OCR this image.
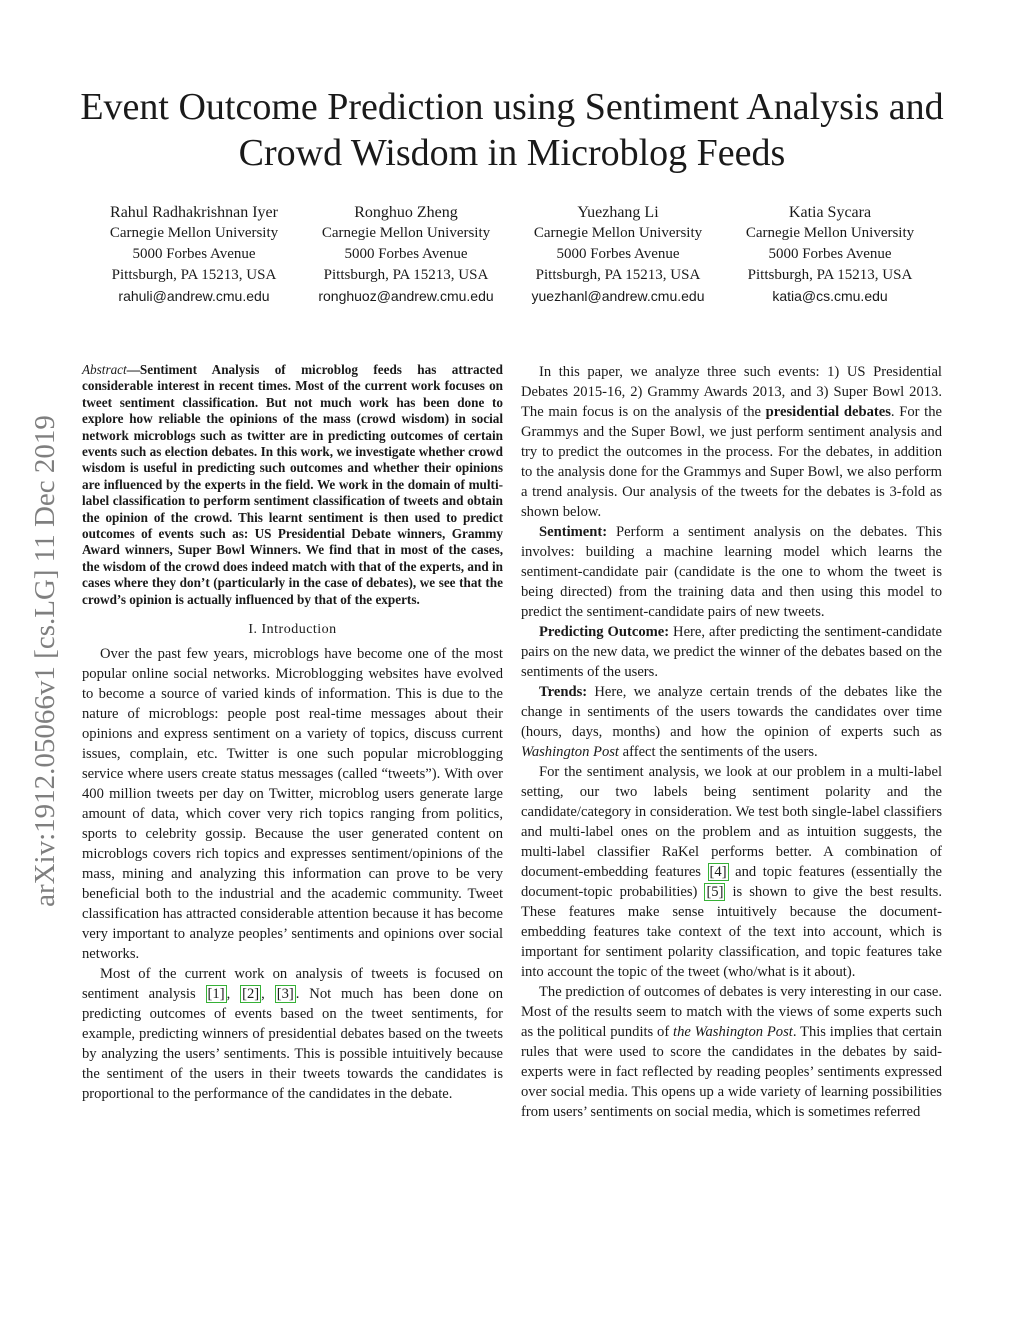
Event Outcome Prediction using Sentiment Analysis and Crowd Wisdom in Microblog Feeds
Rahul Radhakrishnan Iyer
Carnegie Mellon University
5000 Forbes Avenue
Pittsburgh, PA 15213, USA
rahuli@andrew.cmu.edu
Ronghuo Zheng
Carnegie Mellon University
5000 Forbes Avenue
Pittsburgh, PA 15213, USA
ronghuoz@andrew.cmu.edu
Yuezhang Li
Carnegie Mellon University
5000 Forbes Avenue
Pittsburgh, PA 15213, USA
yuezhanl@andrew.cmu.edu
Katia Sycara
Carnegie Mellon University
5000 Forbes Avenue
Pittsburgh, PA 15213, USA
katia@cs.cmu.edu
arXiv:1912.05066v1 [cs.LG] 11 Dec 2019

Abstract—Sentiment Analysis of microblog feeds has attracted considerable interest in recent times. Most of the current work focuses on tweet sentiment classification. But not much work has been done to explore how reliable the opinions of the mass (crowd wisdom) in social network microblogs such as twitter are in predicting outcomes of certain events such as election debates. In this work, we investigate whether crowd wisdom is useful in predicting such outcomes and whether their opinions are influenced by the experts in the field. We work in the domain of multi-label classification to perform sentiment classification of tweets and obtain the opinion of the crowd. This learnt sentiment is then used to predict outcomes of events such as: US Presidential Debate winners, Grammy Award winners, Super Bowl Winners. We find that in most of the cases, the wisdom of the crowd does indeed match with that of the experts, and in cases where they don’t (particularly in the case of debates), we see that the crowd’s opinion is actually influenced by that of the experts.

I. Introduction

Over the past few years, microblogs have become one of the most popular online social networks. Microblogging websites have evolved to become a source of varied kinds of information. This is due to the nature of microblogs: people post real-time messages about their opinions and express sentiment on a variety of topics, discuss current issues, complain, etc. Twitter is one such popular microblogging service where users create status messages (called “tweets”). With over 400 million tweets per day on Twitter, microblog users generate large amount of data, which cover very rich topics ranging from politics, sports to celebrity gossip. Because the user generated content on microblogs covers rich topics and expresses sentiment/opinions of the mass, mining and analyzing this information can prove to be very beneficial both to the industrial and the academic community. Tweet classification has attracted considerable attention because it has become very important to analyze peoples’ sentiments and opinions over social networks.

Most of the current work on analysis of tweets is focused on sentiment analysis [1] , [2] , [3] . Not much has been done on predicting outcomes of events based on the tweet sentiments, for example, predicting winners of presidential debates based on the tweets by analyzing the users’ sentiments. This is possible intuitively because the sentiment of the users in their tweets towards the candidates is proportional to the performance of the candidates in the debate.

In this paper, we analyze three such events: 1) US Presidential Debates 2015-16, 2) Grammy Awards 2013, and 3) Super Bowl 2013. The main focus is on the analysis of the presidential debates. For the Grammys and the Super Bowl, we just perform sentiment analysis and try to predict the outcomes in the process. For the debates, in addition to the analysis done for the Grammys and Super Bowl, we also perform a trend analysis. Our analysis of the tweets for the debates is 3-fold as shown below.

Sentiment: Perform a sentiment analysis on the debates. This involves: building a machine learning model which learns the sentiment-candidate pair (candidate is the one to whom the tweet is being directed) from the training data and then using this model to predict the sentiment-candidate pairs of new tweets.

Predicting Outcome: Here, after predicting the sentiment-candidate pairs on the new data, we predict the winner of the debates based on the sentiments of the users.

Trends: Here, we analyze certain trends of the debates like the change in sentiments of the users towards the candidates over time (hours, days, months) and how the opinion of experts such as Washington Post affect the sentiments of the users.

For the sentiment analysis, we look at our problem in a multi-label setting, our two labels being sentiment polarity and the candidate/category in consideration. We test both single-label classifiers and multi-label ones on the problem and as intuition suggests, the multi-label classifier RaKel performs better. A combination of document-embedding features [4] and topic features (essentially the document-topic probabilities) [5] is shown to give the best results. These features make sense intuitively because the document-embedding features take context of the text into account, which is important for sentiment polarity classification, and topic features take into account the topic of the tweet (who/what is it about).

The prediction of outcomes of debates is very interesting in our case. Most of the results seem to match with the views of some experts such as the political pundits of the Washington Post. This implies that certain rules that were used to score the candidates in the debates by said-experts were in fact reflected by reading peoples’ sentiments expressed over social media. This opens up a wide variety of learning possibilities from users’ sentiments on social media, which is sometimes referred
